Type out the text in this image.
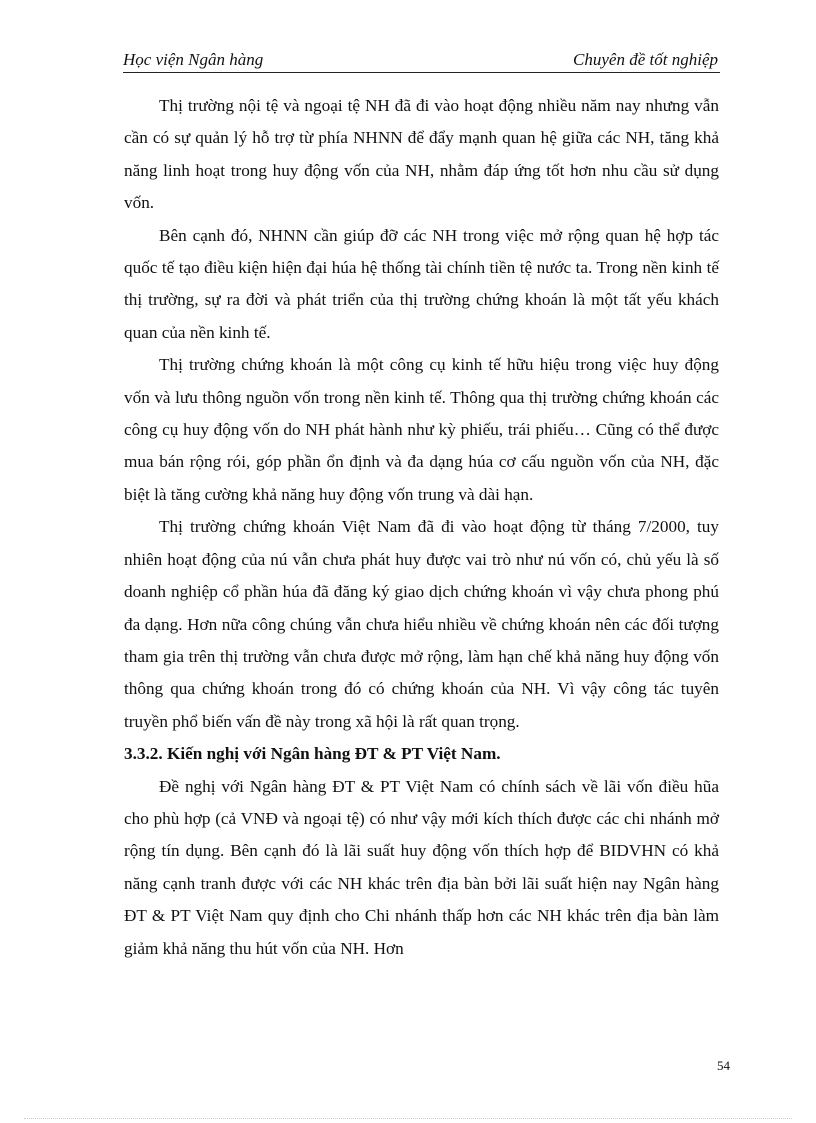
Học viện Ngân hàng	Chuyên đề tốt nghiệp

Thị trường nội tệ và ngoại tệ NH đã đi vào hoạt động nhiều năm nay nhưng vẫn cần có sự quản lý hỗ trợ từ phía NHNN để đẩy mạnh quan hệ giữa các NH, tăng khả năng linh hoạt trong huy động vốn của NH, nhằm đáp ứng tốt hơn nhu cầu sử dụng vốn.

Bên cạnh đó, NHNN cần giúp đỡ các NH trong việc mở rộng quan hệ hợp tác quốc tế tạo điều kiện hiện đại húa hệ thống tài chính tiền tệ nước ta. Trong nền kinh tế thị trường, sự ra đời và phát triển của thị trường chứng khoán là một tất yếu khách quan của nền kinh tế.

Thị trường chứng khoán là một công cụ kinh tế hữu hiệu trong việc huy động vốn và lưu thông nguồn vốn trong nền kinh tế. Thông qua thị trường chứng khoán các công cụ huy động vốn do NH phát hành như kỳ phiếu, trái phiếu… Cũng có thể được mua bán rộng rói, góp phần ổn định và đa dạng húa cơ cấu nguồn vốn của NH, đặc biệt là tăng cường khả năng huy động vốn trung và dài hạn.

Thị trường chứng khoán Việt Nam đã đi vào hoạt động từ tháng 7/2000, tuy nhiên hoạt động của nú vẫn chưa phát huy được vai trò như nú vốn có, chủ yếu là số doanh nghiệp cổ phần húa đã đăng ký giao dịch chứng khoán vì vậy chưa phong phú đa dạng. Hơn nữa công chúng vẫn chưa hiểu nhiều về chứng khoán nên các đối tượng tham gia trên thị trường vẫn chưa được mở rộng, làm hạn chế khả năng huy động vốn thông qua chứng khoán trong đó có chứng khoán của NH. Vì vậy công tác tuyên truyền phổ biến vấn đề này trong xã hội là rất quan trọng.

3.3.2. Kiến nghị với Ngân hàng ĐT & PT Việt Nam.

Đề nghị với Ngân hàng ĐT & PT Việt Nam có chính sách về lãi vốn điều hũa cho phù hợp (cả VNĐ và ngoại tệ) có như vậy mới kích thích được các chi nhánh mở rộng tín dụng. Bên cạnh đó là lãi suất huy động vốn thích hợp để BIDVHN có khả năng cạnh tranh được với các NH khác trên địa bàn bởi lãi suất hiện nay Ngân hàng ĐT & PT Việt Nam quy định cho Chi nhánh thấp hơn các NH khác trên địa bàn làm giảm khả năng thu hút vốn của NH. Hơn

54
